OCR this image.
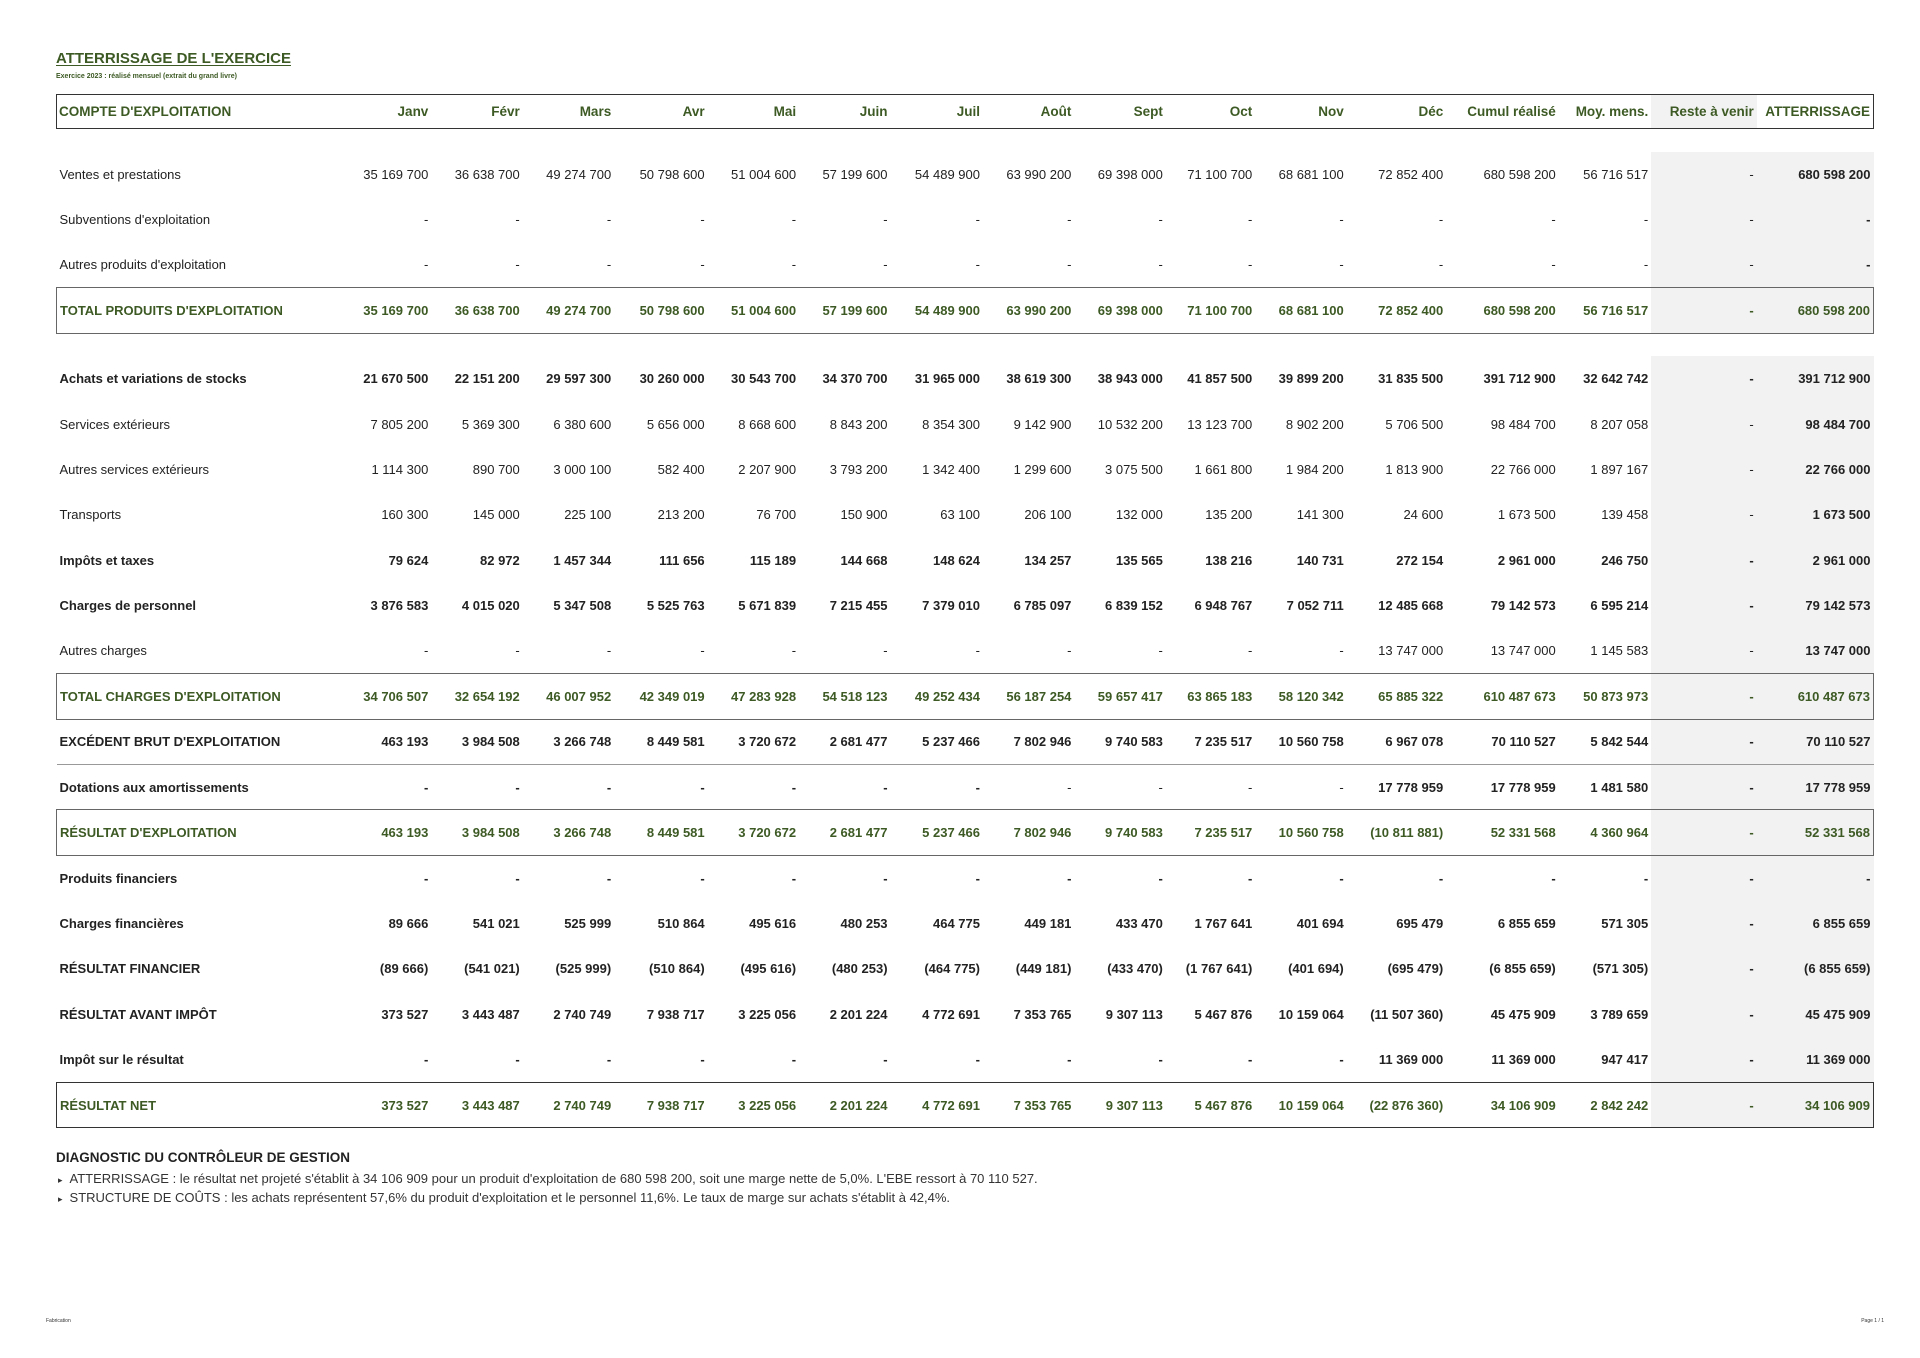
ATTERRISSAGE DE L'EXERCICE
Exercice 2023 : réalisé mensuel (extrait du grand livre)
COMPTE D'EXPLOITATION	Janv	Févr	Mars	Avr	Mai	Juin	Juil	Août	Sept	Oct	Nov	Déc	Cumul réalisé	Moy. mens.	Reste à venir	ATTERRISSAGE

Ventes et prestations	35 169 700	36 638 700	49 274 700	50 798 600	51 004 600	57 199 600	54 489 900	63 990 200	69 398 000	71 100 700	68 681 100	72 852 400	680 598 200	56 716 517	-	680 598 200
Subventions d'exploitation	-	-	-	-	-	-	-	-	-	-	-	-	-	-	-	-
Autres produits d'exploitation	-	-	-	-	-	-	-	-	-	-	-	-	-	-	-	-
TOTAL PRODUITS D'EXPLOITATION	35 169 700	36 638 700	49 274 700	50 798 600	51 004 600	57 199 600	54 489 900	63 990 200	69 398 000	71 100 700	68 681 100	72 852 400	680 598 200	56 716 517	-	680 598 200

Achats et variations de stocks	21 670 500	22 151 200	29 597 300	30 260 000	30 543 700	34 370 700	31 965 000	38 619 300	38 943 000	41 857 500	39 899 200	31 835 500	391 712 900	32 642 742	-	391 712 900
Services extérieurs	7 805 200	5 369 300	6 380 600	5 656 000	8 668 600	8 843 200	8 354 300	9 142 900	10 532 200	13 123 700	8 902 200	5 706 500	98 484 700	8 207 058	-	98 484 700
Autres services extérieurs	1 114 300	890 700	3 000 100	582 400	2 207 900	3 793 200	1 342 400	1 299 600	3 075 500	1 661 800	1 984 200	1 813 900	22 766 000	1 897 167	-	22 766 000
Transports	160 300	145 000	225 100	213 200	76 700	150 900	63 100	206 100	132 000	135 200	141 300	24 600	1 673 500	139 458	-	1 673 500
Impôts et taxes	79 624	82 972	1 457 344	111 656	115 189	144 668	148 624	134 257	135 565	138 216	140 731	272 154	2 961 000	246 750	-	2 961 000
Charges de personnel	3 876 583	4 015 020	5 347 508	5 525 763	5 671 839	7 215 455	7 379 010	6 785 097	6 839 152	6 948 767	7 052 711	12 485 668	79 142 573	6 595 214	-	79 142 573
Autres charges	-	-	-	-	-	-	-	-	-	-	-	13 747 000	13 747 000	1 145 583	-	13 747 000
TOTAL CHARGES D'EXPLOITATION	34 706 507	32 654 192	46 007 952	42 349 019	47 283 928	54 518 123	49 252 434	56 187 254	59 657 417	63 865 183	58 120 342	65 885 322	610 487 673	50 873 973	-	610 487 673
EXCÉDENT BRUT D'EXPLOITATION	463 193	3 984 508	3 266 748	8 449 581	3 720 672	2 681 477	5 237 466	7 802 946	9 740 583	7 235 517	10 560 758	6 967 078	70 110 527	5 842 544	-	70 110 527
Dotations aux amortissements	-	-	-	-	-	-	-	-	-	-	-	17 778 959	17 778 959	1 481 580	-	17 778 959
RÉSULTAT D'EXPLOITATION	463 193	3 984 508	3 266 748	8 449 581	3 720 672	2 681 477	5 237 466	7 802 946	9 740 583	7 235 517	10 560 758	(10 811 881)	52 331 568	4 360 964	-	52 331 568
Produits financiers	-	-	-	-	-	-	-	-	-	-	-	-	-	-	-	-
Charges financières	89 666	541 021	525 999	510 864	495 616	480 253	464 775	449 181	433 470	1 767 641	401 694	695 479	6 855 659	571 305	-	6 855 659
RÉSULTAT FINANCIER	(89 666)	(541 021)	(525 999)	(510 864)	(495 616)	(480 253)	(464 775)	(449 181)	(433 470)	(1 767 641)	(401 694)	(695 479)	(6 855 659)	(571 305)	-	(6 855 659)
RÉSULTAT AVANT IMPÔT	373 527	3 443 487	2 740 749	7 938 717	3 225 056	2 201 224	4 772 691	7 353 765	9 307 113	5 467 876	10 159 064	(11 507 360)	45 475 909	3 789 659	-	45 475 909
Impôt sur le résultat	-	-	-	-	-	-	-	-	-	-	-	11 369 000	11 369 000	947 417	-	11 369 000
RÉSULTAT NET	373 527	3 443 487	2 740 749	7 938 717	3 225 056	2 201 224	4 772 691	7 353 765	9 307 113	5 467 876	10 159 064	(22 876 360)	34 106 909	2 842 242	-	34 106 909
DIAGNOSTIC DU CONTRÔLEUR DE GESTION
▸ ATTERRISSAGE : le résultat net projeté s'établit à 34 106 909 pour un produit d'exploitation de 680 598 200, soit une marge nette de 5,0%. L'EBE ressort à 70 110 527.
▸ STRUCTURE DE COÛTS : les achats représentent 57,6% du produit d'exploitation et le personnel 11,6%. Le taux de marge sur achats s'établit à 42,4%.
Fabrication	Page 1 / 1
